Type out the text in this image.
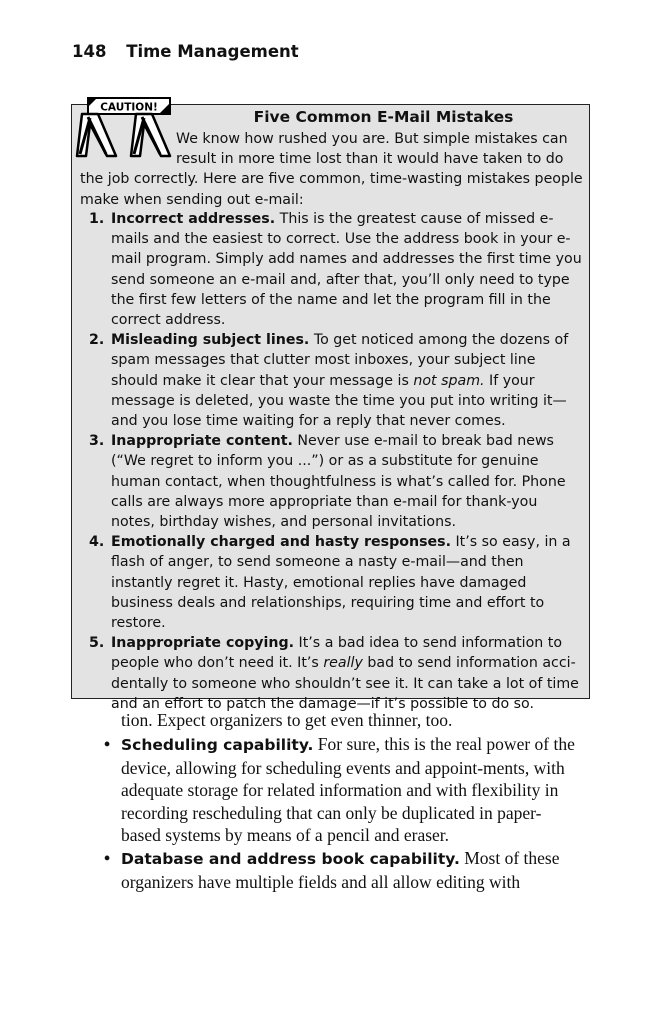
148 Time Management
CAUTION!
Five Common E-Mail Mistakes

We know how rushed you are. But simple mistakes can result in more time lost than it would have taken to do the job correctly. Here are five common, time-wasting mistakes people make when sending out e-mail:

1. Incorrect addresses. This is the greatest cause of missed e-mails and the easiest to correct. Use the address book in your e-mail program. Simply add names and addresses the first time you send someone an e-mail and, after that, you’ll only need to type the first few letters of the name and let the program fill in the correct address.
2. Misleading subject lines. To get noticed among the dozens of spam messages that clutter most inboxes, your subject line should make it clear that your message is not spam. If your message is deleted, you waste the time you put into writing it—and you lose time waiting for a reply that never comes.
3. Inappropriate content. Never use e-mail to break bad news (“We regret to inform you ...”) or as a substitute for genuine human contact, when thoughtfulness is what’s called for. Phone calls are always more appropriate than e-mail for thank-you notes, birthday wishes, and personal invitations.
4. Emotionally charged and hasty responses. It’s so easy, in a flash of anger, to send someone a nasty e-mail—and then instantly regret it. Hasty, emotional replies have damaged business deals and relationships, requiring time and effort to restore.
5. Inappropriate copying. It’s a bad idea to send information to people who don’t need it. It’s really bad to send information acci-dentally to someone who shouldn’t see it. It can take a lot of time and an effort to patch the damage—if it’s possible to do so.

tion. Expect organizers to get even thinner, too.

• Scheduling capability. For sure, this is the real power of the device, allowing for scheduling events and appoint-ments, with adequate storage for related information and with flexibility in recording rescheduling that can only be duplicated in paper-based systems by means of a pencil and eraser.
• Database and address book capability. Most of these organizers have multiple fields and all allow editing with
